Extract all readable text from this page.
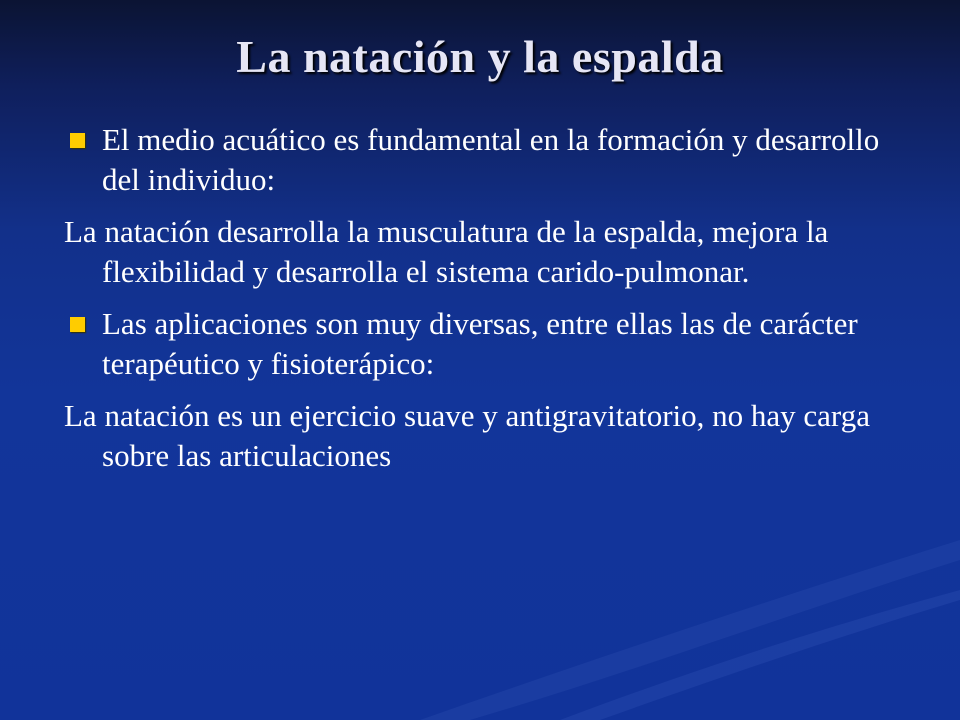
La natación y la espalda

El medio acuático es fundamental en la formación y desarrollo del individuo:

La natación desarrolla la musculatura de la espalda, mejora la flexibilidad y desarrolla el sistema carido-pulmonar.

Las aplicaciones son muy diversas, entre ellas las de carácter terapéutico y fisioterápico:

La natación es un ejercicio suave y antigravitatorio, no hay carga sobre las articulaciones
